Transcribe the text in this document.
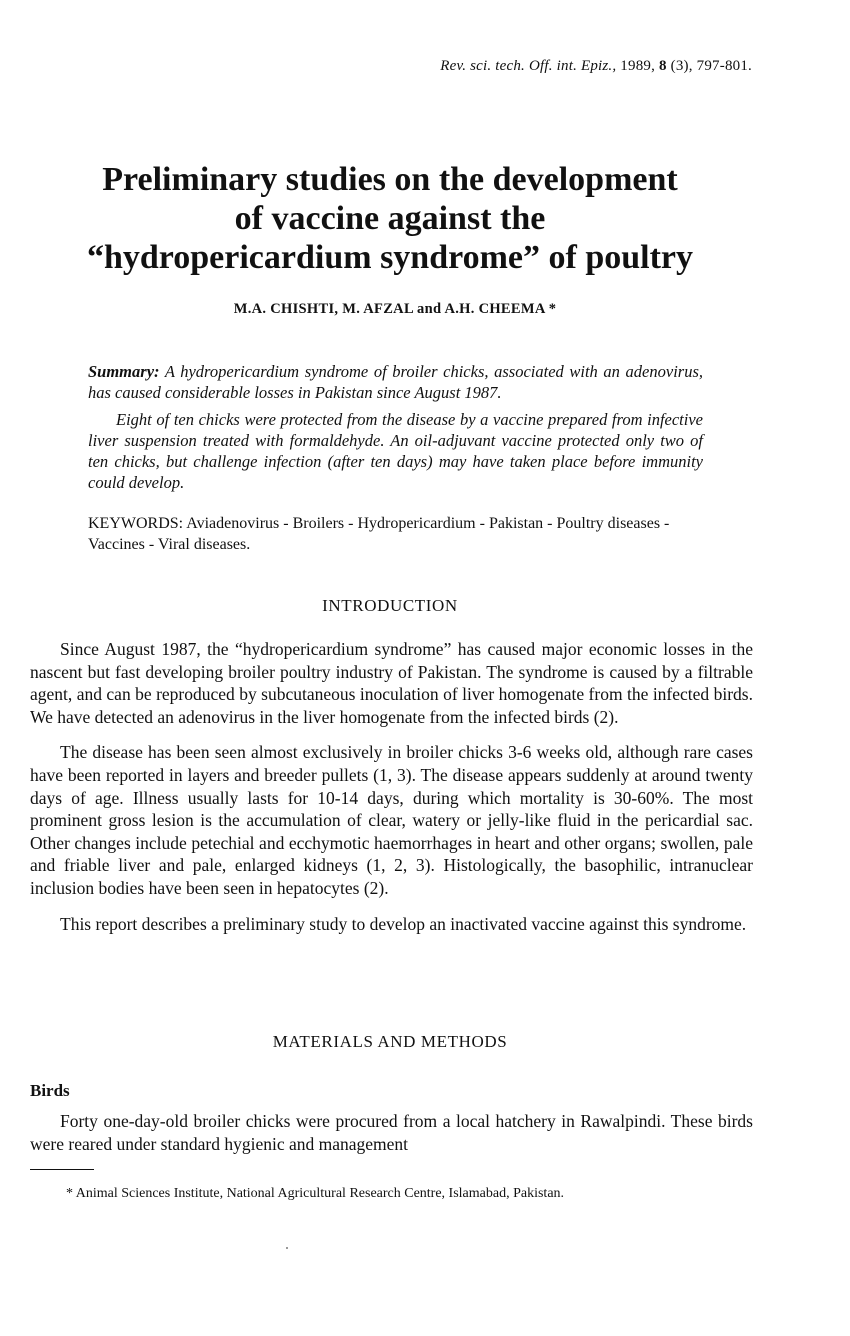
Rev. sci. tech. Off. int. Epiz., 1989, 8 (3), 797-801.
Preliminary studies on the development
of vaccine against the
“hydropericardium syndrome” of poultry
M.A. CHISHTI, M. AFZAL and A.H. CHEEMA *

Summary: A hydropericardium syndrome of broiler chicks, associated with an adenovirus, has caused considerable losses in Pakistan since August 1987.

Eight of ten chicks were protected from the disease by a vaccine prepared from infective liver suspension treated with formaldehyde. An oil-adjuvant vaccine protected only two of ten chicks, but challenge infection (after ten days) may have taken place before immunity could develop.

KEYWORDS: Aviadenovirus - Broilers - Hydropericardium - Pakistan - Poultry diseases - Vaccines - Viral diseases.
INTRODUCTION

Since August 1987, the “hydropericardium syndrome” has caused major economic losses in the nascent but fast developing broiler poultry industry of Pakistan. The syndrome is caused by a filtrable agent, and can be reproduced by subcutaneous inoculation of liver homogenate from the infected birds. We have detected an adenovirus in the liver homogenate from the infected birds (2).

The disease has been seen almost exclusively in broiler chicks 3-6 weeks old, although rare cases have been reported in layers and breeder pullets (1, 3). The disease appears suddenly at around twenty days of age. Illness usually lasts for 10-14 days, during which mortality is 30-60%. The most prominent gross lesion is the accumulation of clear, watery or jelly-like fluid in the pericardial sac. Other changes include petechial and ecchymotic haemorrhages in heart and other organs; swollen, pale and friable liver and pale, enlarged kidneys (1, 2, 3). Histologically, the basophilic, intranuclear inclusion bodies have been seen in hepatocytes (2).

This report describes a preliminary study to develop an inactivated vaccine against this syndrome.

MATERIALS AND METHODS
Birds

Forty one-day-old broiler chicks were procured from a local hatchery in Rawalpindi. These birds were reared under standard hygienic and management

* Animal Sciences Institute, National Agricultural Research Centre, Islamabad, Pakistan.
